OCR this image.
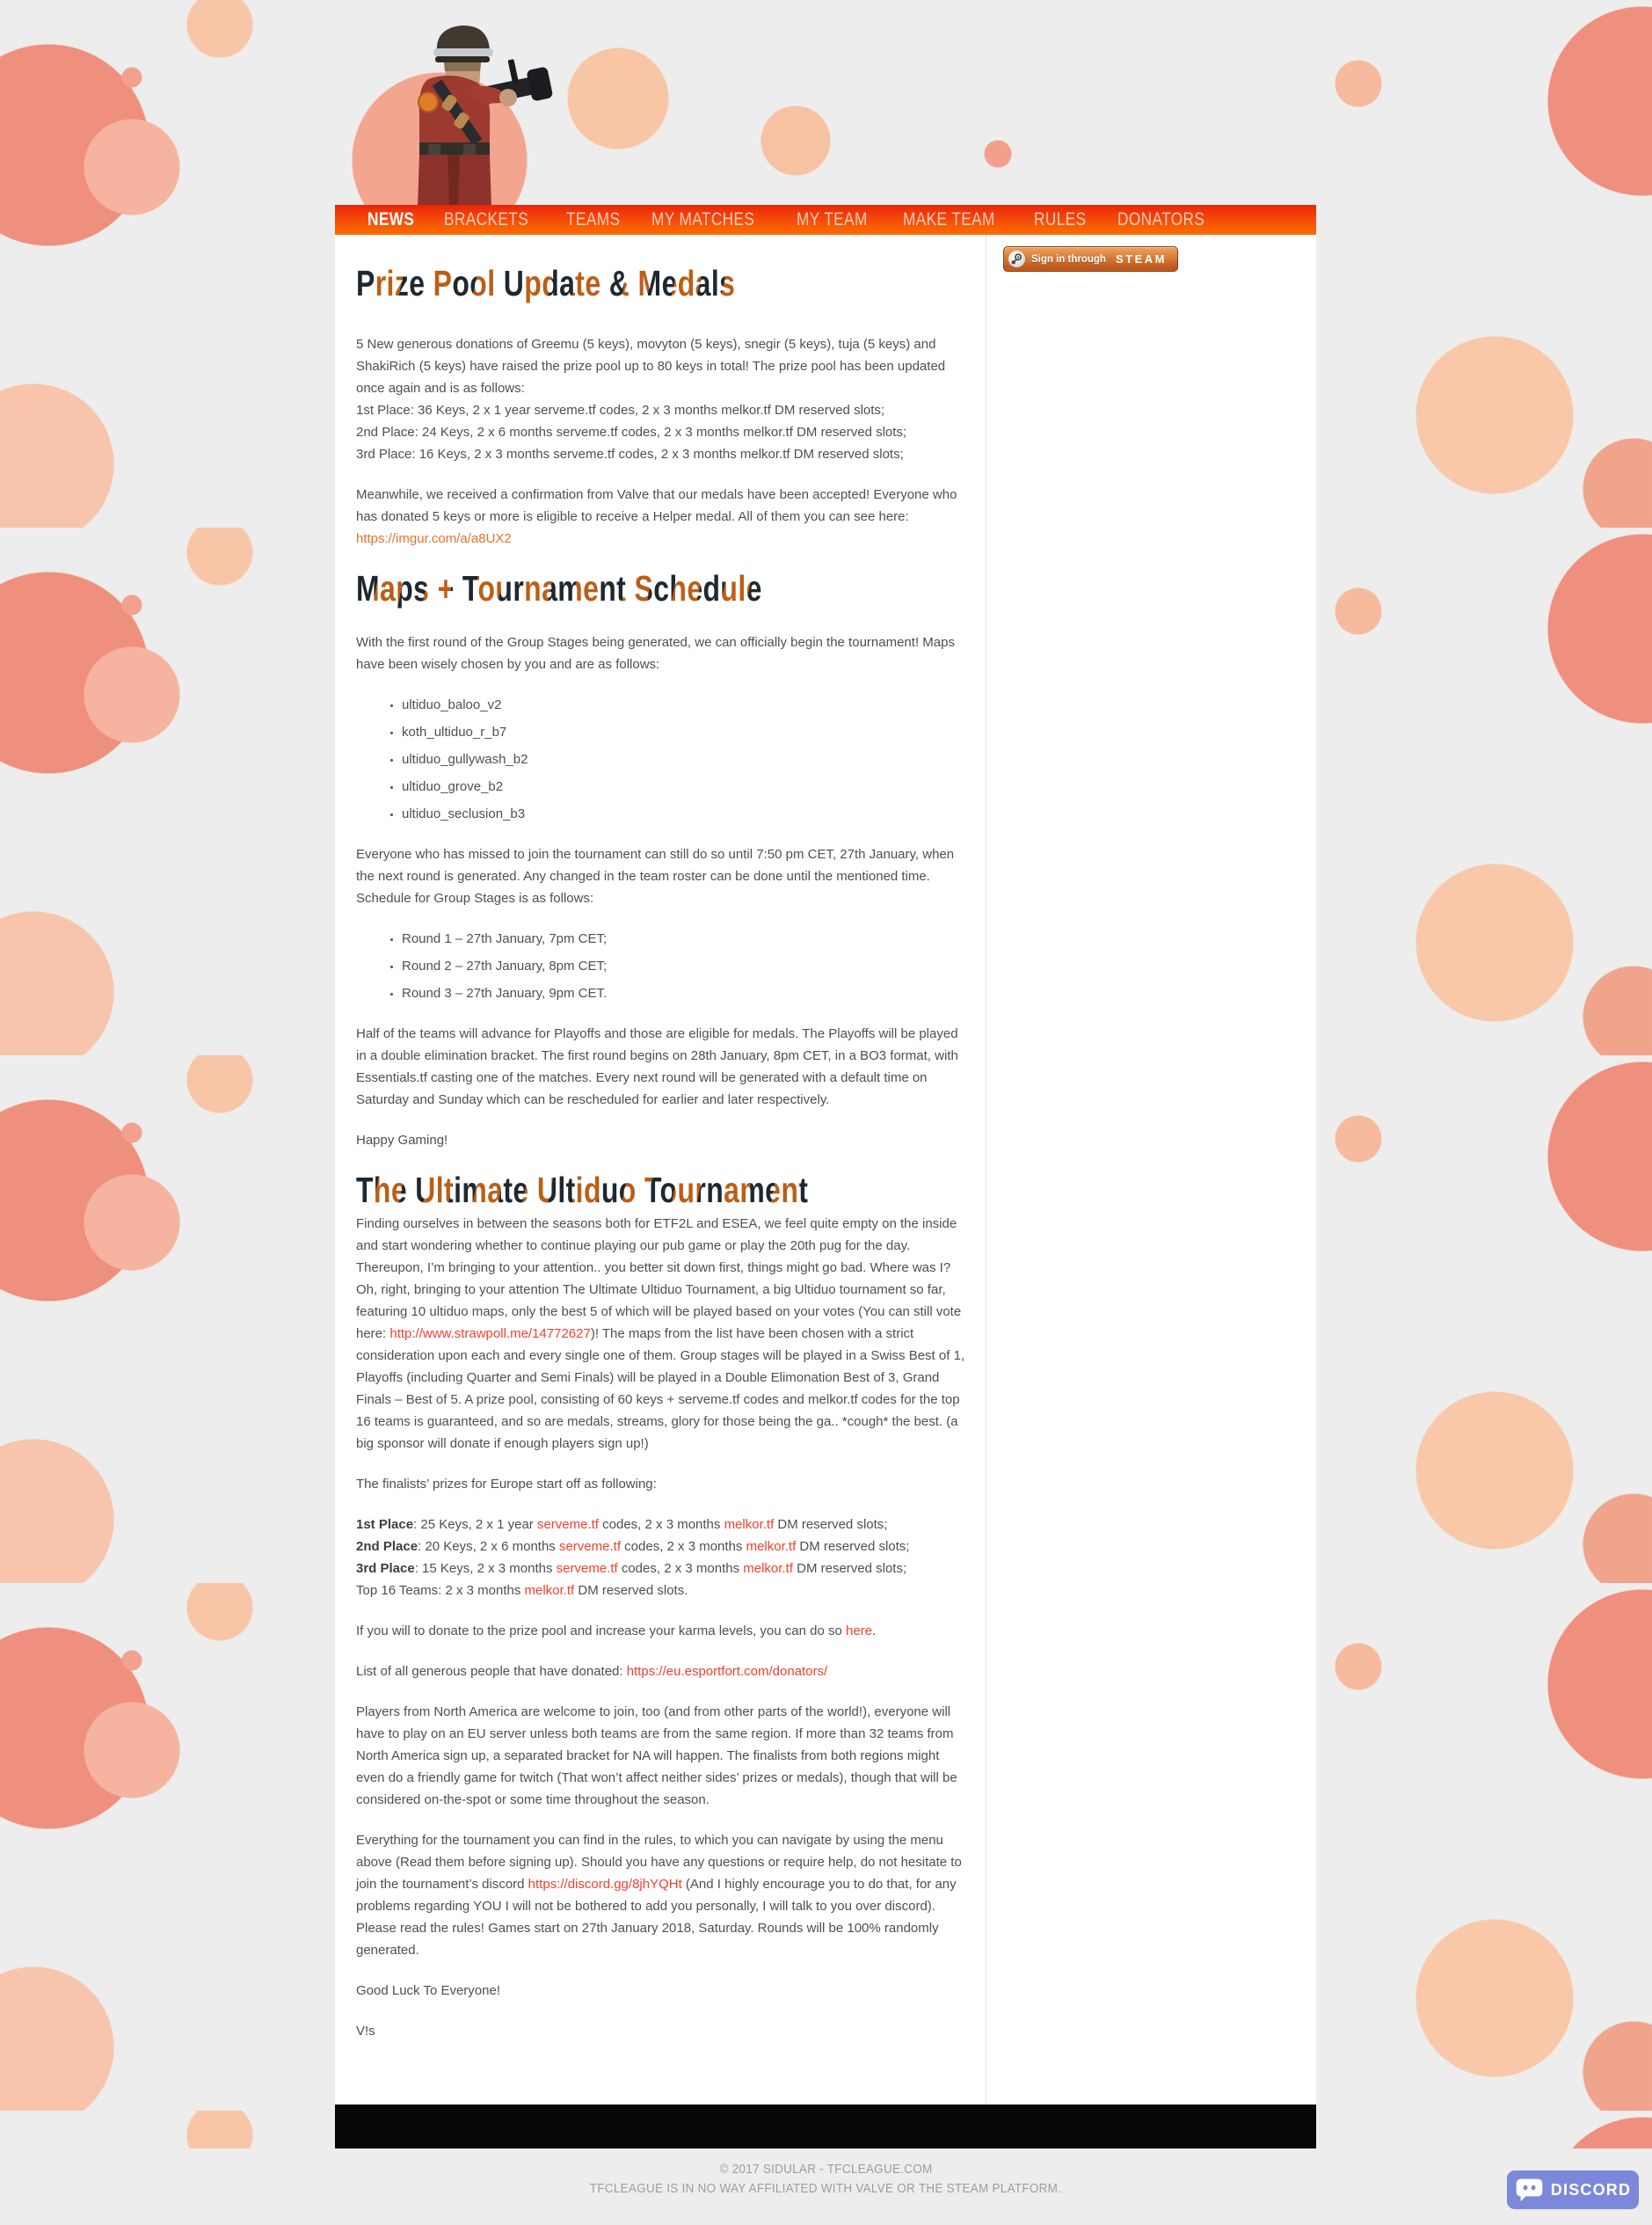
NEWS BRACKETS TEAMS MY MATCHES MY TEAM MAKE TEAM RULES DONATORS
Prize Pool Update & Medals

5 New generous donations of Greemu (5 keys), movyton (5 keys), snegir (5 keys), tuja (5 keys) and ShakiRich (5 keys) have raised the prize pool up to 80 keys in total! The prize pool has been updated once again and is as follows:
1st Place: 36 Keys, 2 x 1 year serveme.tf codes, 2 x 3 months melkor.tf DM reserved slots;
2nd Place: 24 Keys, 2 x 6 months serveme.tf codes, 2 x 3 months melkor.tf DM reserved slots;
3rd Place: 16 Keys, 2 x 3 months serveme.tf codes, 2 x 3 months melkor.tf DM reserved slots;

Meanwhile, we received a confirmation from Valve that our medals have been accepted! Everyone who has donated 5 keys or more is eligible to receive a Helper medal. All of them you can see here: https://imgur.com/a/a8UX2

Maps + Tournament Schedule

With the first round of the Group Stages being generated, we can officially begin the tournament! Maps have been wisely chosen by you and are as follows:

• ultiduo_baloo_v2
• koth_ultiduo_r_b7
• ultiduo_gullywash_b2
• ultiduo_grove_b2
• ultiduo_seclusion_b3

Everyone who has missed to join the tournament can still do so until 7:50 pm CET, 27th January, when the next round is generated. Any changed in the team roster can be done until the mentioned time. Schedule for Group Stages is as follows:

• Round 1 – 27th January, 7pm CET;
• Round 2 – 27th January, 8pm CET;
• Round 3 – 27th January, 9pm CET.

Half of the teams will advance for Playoffs and those are eligible for medals. The Playoffs will be played in a double elimination bracket. The first round begins on 28th January, 8pm CET, in a BO3 format, with Essentials.tf casting one of the matches. Every next round will be generated with a default time on Saturday and Sunday which can be rescheduled for earlier and later respectively.

Happy Gaming!

The Ultimate Ultiduo Tournament

Finding ourselves in between the seasons both for ETF2L and ESEA, we feel quite empty on the inside and start wondering whether to continue playing our pub game or play the 20th pug for the day. Thereupon, I’m bringing to your attention.. you better sit down first, things might go bad. Where was I? Oh, right, bringing to your attention The Ultimate Ultiduo Tournament, a big Ultiduo tournament so far, featuring 10 ultiduo maps, only the best 5 of which will be played based on your votes (You can still vote here: http://www.strawpoll.me/14772627)! The maps from the list have been chosen with a strict consideration upon each and every single one of them. Group stages will be played in a Swiss Best of 1, Playoffs (including Quarter and Semi Finals) will be played in a Double Elimonation Best of 3, Grand Finals – Best of 5. A prize pool, consisting of 60 keys + serveme.tf codes and melkor.tf codes for the top 16 teams is guaranteed, and so are medals, streams, glory for those being the ga.. *cough* the best. (a big sponsor will donate if enough players sign up!)

The finalists’ prizes for Europe start off as following:

1st Place: 25 Keys, 2 x 1 year serveme.tf codes, 2 x 3 months melkor.tf DM reserved slots;
2nd Place: 20 Keys, 2 x 6 months serveme.tf codes, 2 x 3 months melkor.tf DM reserved slots;
3rd Place: 15 Keys, 2 x 3 months serveme.tf codes, 2 x 3 months melkor.tf DM reserved slots;
Top 16 Teams: 2 x 3 months melkor.tf DM reserved slots.

If you will to donate to the prize pool and increase your karma levels, you can do so here.

List of all generous people that have donated: https://eu.esportfort.com/donators/

Players from North America are welcome to join, too (and from other parts of the world!), everyone will have to play on an EU server unless both teams are from the same region. If more than 32 teams from North America sign up, a separated bracket for NA will happen. The finalists from both regions might even do a friendly game for twitch (That won’t affect neither sides’ prizes or medals), though that will be considered on-the-spot or some time throughout the season.

Everything for the tournament you can find in the rules, to which you can navigate by using the menu above (Read them before signing up). Should you have any questions or require help, do not hesitate to join the tournament’s discord https://discord.gg/8jhYQHt (And I highly encourage you to do that, for any problems regarding YOU I will not be bothered to add you personally, I will talk to you over discord). Please read the rules! Games start on 27th January 2018, Saturday. Rounds will be 100% randomly generated.

Good Luck To Everyone!

V!s

Sign in through STEAM
© 2017 SIDULAR - TFCLEAGUE.COM
TFCLEAGUE IS IN NO WAY AFFILIATED WITH VALVE OR THE STEAM PLATFORM.	DISCORD
